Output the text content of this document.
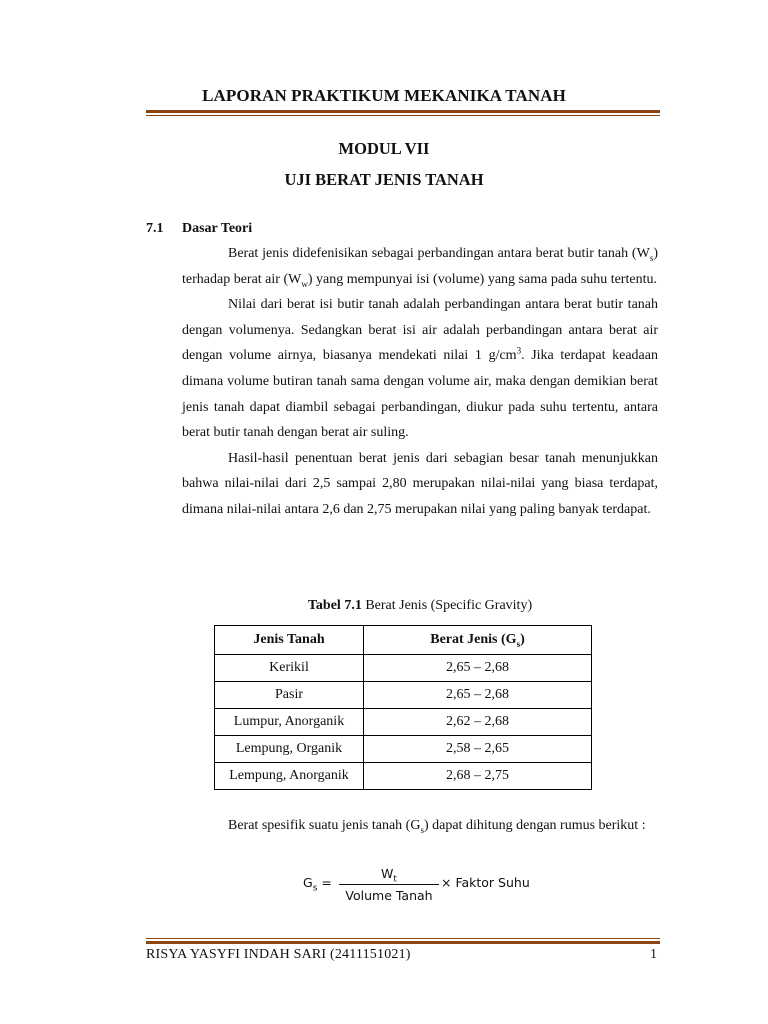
LAPORAN PRAKTIKUM MEKANIKA TANAH
MODUL VII
UJI BERAT JENIS TANAH
7.1 Dasar Teori

Berat jenis didefenisikan sebagai perbandingan antara berat butir tanah $(W_s)$ terhadap berat air $(W_w)$ yang mempunyai isi (volume) yang sama pada suhu tertentu.

Nilai dari berat isi butir tanah adalah perbandingan antara berat butir tanah dengan volumenya. Sedangkan berat isi air adalah perbandingan antara berat air dengan volume airnya, biasanya mendekati nilai 1 $g/cm^3$. Jika terdapat keadaan dimana volume butiran tanah sama dengan volume air, maka dengan demikian berat jenis tanah dapat diambil sebagai perbandingan, diukur pada suhu tertentu, antara berat butir tanah dengan berat air suling.

Hasil-hasil penentuan berat jenis dari sebagian besar tanah menunjukkan bahwa nilai-nilai dari 2,5 sampai 2,80 merupakan nilai-nilai yang biasa terdapat, dimana nilai-nilai antara 2,6 dan 2,75 merupakan nilai yang paling banyak terdapat.

Tabel 7.1 Berat Jenis (Specific Gravity)
Jenis Tanah	Berat Jenis $(G_s)$
Kerikil	2,65 – 2,68
Pasir	2,65 – 2,68
Lumpur, Anorganik	2,62 – 2,68
Lempung, Organik	2,58 – 2,65
Lempung, Anorganik	2,68 – 2,75

Berat spesifik suatu jenis tanah $(G_s)$ dapat dihitung dengan rumus berikut :

$G_s$ =
$W_t$
Volume Tanah
× Faktor Suhu
RISYA YASYFI INDAH SARI (2411151021)	1
